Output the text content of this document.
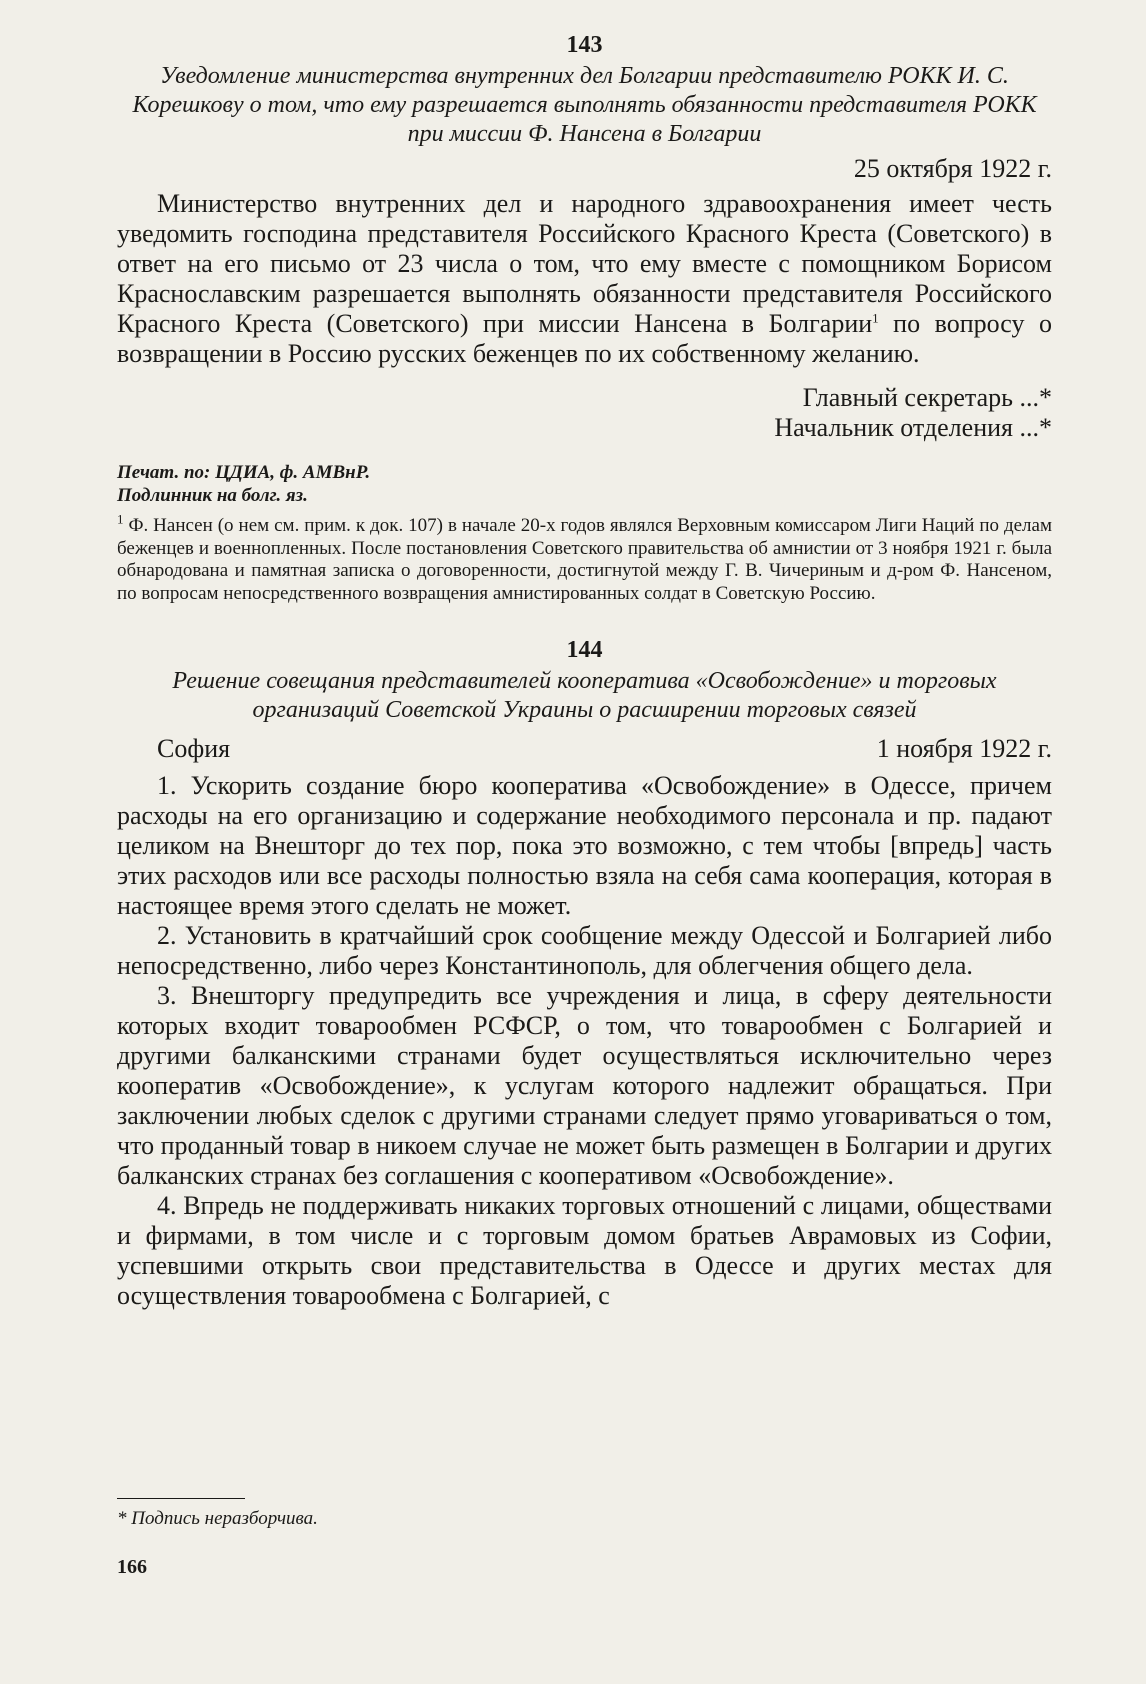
143
Уведомление министерства внутренних дел Болгарии представителю РОКК И. С. Корешкову о том, что ему разрешается выполнять обязанности представителя РОКК при миссии Ф. Нансена в Болгарии
25 октября 1922 г.

Министерство внутренних дел и народного здравоохранения имеет честь уведомить господина представителя Российского Красного Креста (Советского) в ответ на его письмо от 23 числа о том, что ему вместе с помощником Борисом Краснославским разрешается выполнять обязанности представителя Российского Красного Креста (Советского) при миссии Нансена в Болгарии$^1$ по вопросу о возвращении в Россию русских беженцев по их собственному желанию.

Главный секретарь ...*
Начальник отделения ...*
Печат. по: ЦДИА, ф. АМВнР.
Подлинник на болг. яз.

$^1$ Ф. Нансен (о нем см. прим. к док. 107) в начале 20-х годов являлся Верховным комиссаром Лиги Наций по делам беженцев и военнопленных. После постановления Советского правительства об амнистии от 3 ноября 1921 г. была обнародована и памятная записка о договоренности, достигнутой между Г. В. Чичериным и д-ром Ф. Нансеном, по вопросам непосредственного возвращения амнистированных солдат в Советскую Россию.

144
Решение совещания представителей кооператива «Освобождение» и торговых организаций Советской Украины о расширении торговых связей
София	1 ноября 1922 г.

1. Ускорить создание бюро кооператива «Освобождение» в Одессе, причем расходы на его организацию и содержание необходимого персонала и пр. падают целиком на Внешторг до тех пор, пока это возможно, с тем чтобы [впредь] часть этих расходов или все расходы полностью взяла на себя сама кооперация, которая в настоящее время этого сделать не может.

2. Установить в кратчайший срок сообщение между Одессой и Болгарией либо непосредственно, либо через Константинополь, для облегчения общего дела.

3. Внешторгу предупредить все учреждения и лица, в сферу деятельности которых входит товарообмен РСФСР, о том, что товарообмен с Болгарией и другими балканскими странами будет осуществляться исключительно через кооператив «Освобождение», к услугам которого надлежит обращаться. При заключении любых сделок с другими странами следует прямо уговариваться о том, что проданный товар в никоем случае не может быть размещен в Болгарии и других балканских странах без соглашения с кооперативом «Освобождение».

4. Впредь не поддерживать никаких торговых отношений с лицами, обществами и фирмами, в том числе и с торговым домом братьев Аврамовых из Софии, успевшими открыть свои представительства в Одессе и других местах для осуществления товарообмена с Болгарией, с

* Подпись неразборчива.
166
